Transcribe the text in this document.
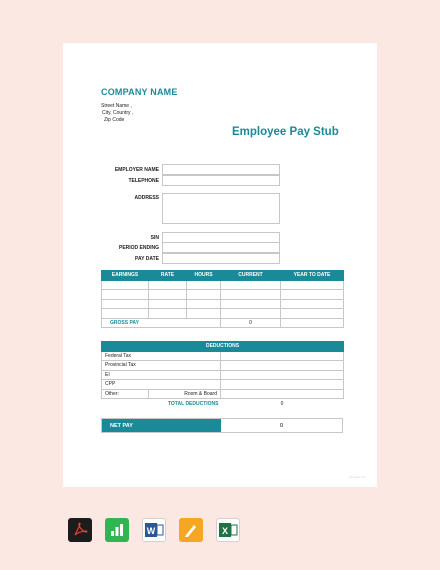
COMPANY NAME
Street Name ,
City, Country ,
Zip Code
Employee Pay Stub
EMPLOYER NAME
TELEPHONE
ADDRESS
SIN
PERIOD ENDING
PAY DATE
EARNINGS	RATE	HOURS	CURRENT	YEAR TO DATE

GROSS PAY			0	
DEDUCTIONS		
Federal Tax		
Provincial Tax		
EI		
CPP		
Other:	Room & Board	
	TOTAL DEDUCTIONS	0
NET PAY	0
template.net
W	X
